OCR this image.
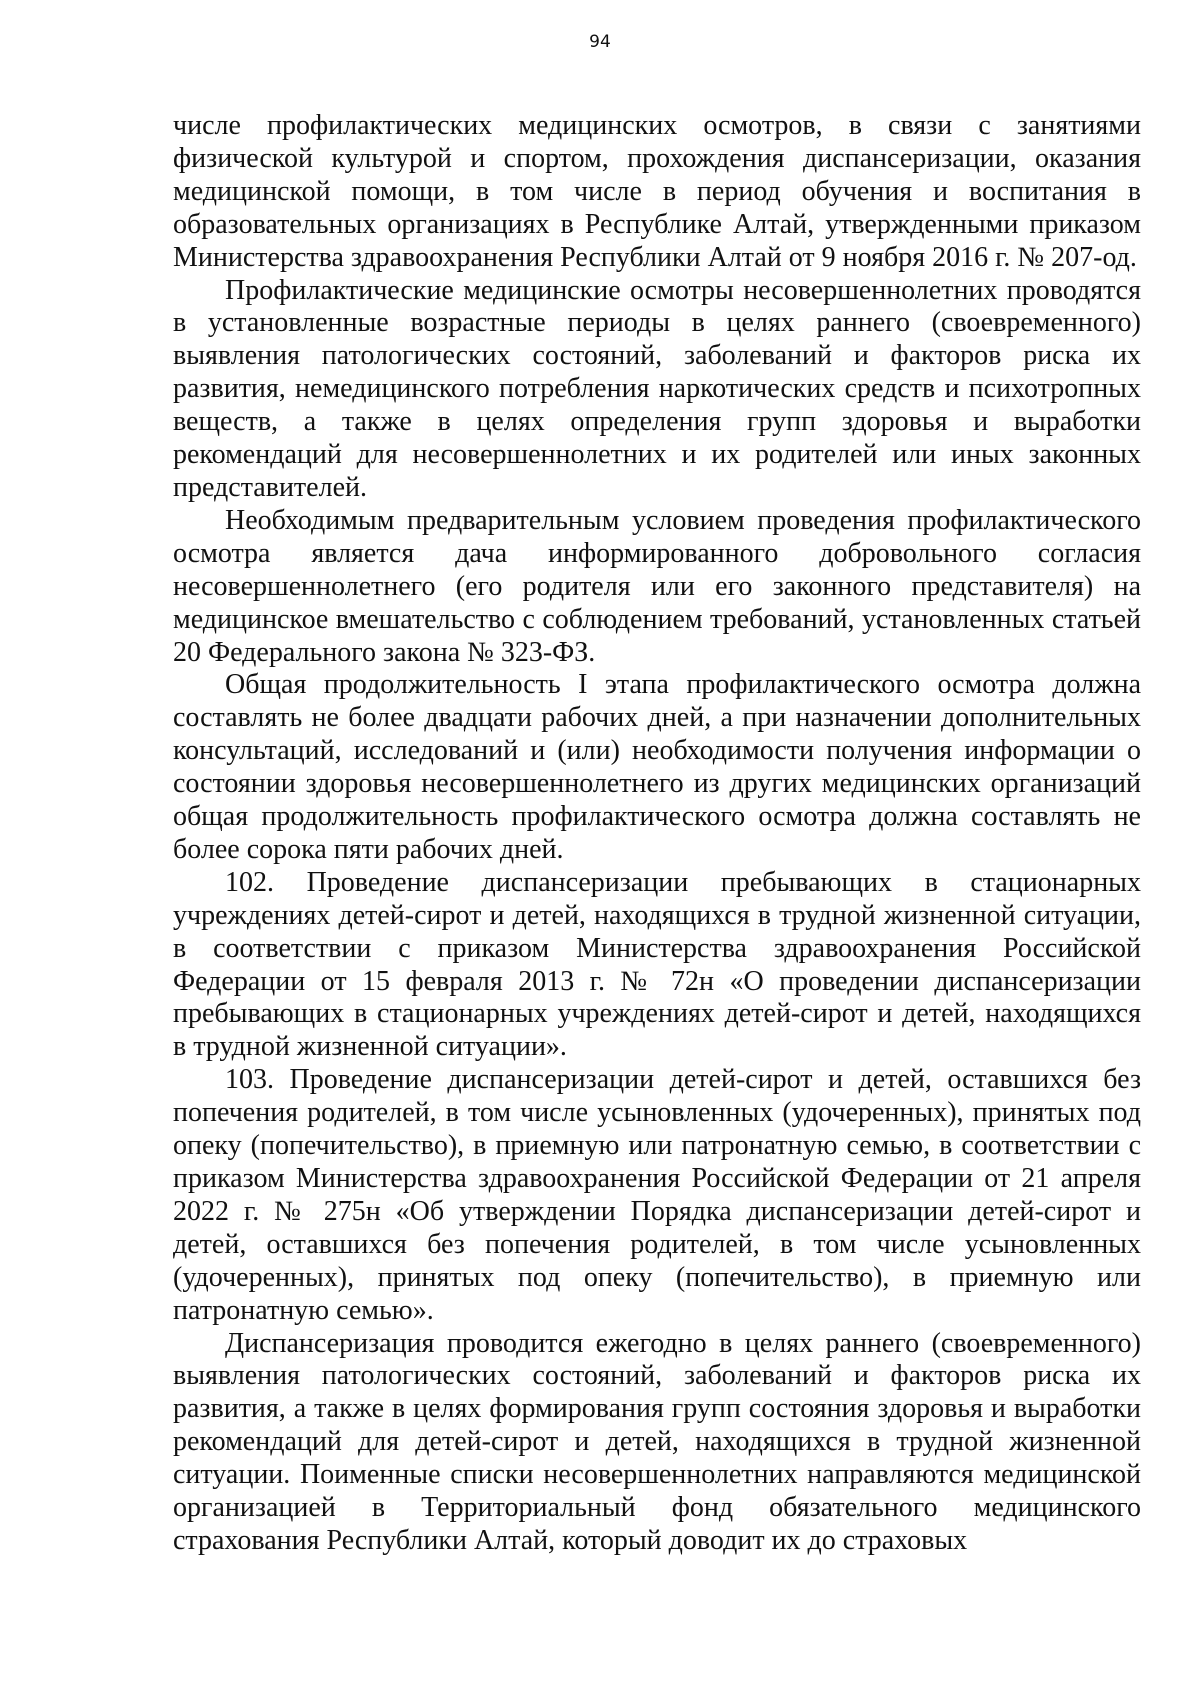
94

числе профилактических медицинских осмотров, в связи с занятиями физической культурой и спортом, прохождения диспансеризации, оказания медицинской помощи, в том числе в период обучения и воспитания в образовательных организациях в Республике Алтай, утвержденными приказом Министерства здравоохранения Республики Алтай от 9 ноября 2016 г. № 207-од.

Профилактические медицинские осмотры несовершеннолетних проводятся в установленные возрастные периоды в целях раннего (своевременного) выявления патологических состояний, заболеваний и факторов риска их развития, немедицинского потребления наркотических средств и психотропных веществ, а также в целях определения групп здоровья и выработки рекомендаций для несовершеннолетних и их родителей или иных законных представителей.

Необходимым предварительным условием проведения профилактического осмотра является дача информированного добровольного согласия несовершеннолетнего (его родителя или его законного представителя) на медицинское вмешательство с соблюдением требований, установленных статьей 20 Федерального закона № 323-ФЗ.

Общая продолжительность I этапа профилактического осмотра должна составлять не более двадцати рабочих дней, а при назначении дополнительных консультаций, исследований и (или) необходимости получения информации о состоянии здоровья несовершеннолетнего из других медицинских организаций общая продолжительность профилактического осмотра должна составлять не более сорока пяти рабочих дней.

102. Проведение диспансеризации пребывающих в стационарных учреждениях детей-сирот и детей, находящихся в трудной жизненной ситуации, в соответствии с приказом Министерства здравоохранения Российской Федерации от 15 февраля 2013 г. № 72н «О проведении диспансеризации пребывающих в стационарных учреждениях детей-сирот и детей, находящихся в трудной жизненной ситуации».

103. Проведение диспансеризации детей-сирот и детей, оставшихся без попечения родителей, в том числе усыновленных (удочеренных), принятых под опеку (попечительство), в приемную или патронатную семью, в соответствии с приказом Министерства здравоохранения Российской Федерации от 21 апреля 2022 г. № 275н «Об утверждении Порядка диспансеризации детей-сирот и детей, оставшихся без попечения родителей, в том числе усыновленных (удочеренных), принятых под опеку (попечительство), в приемную или патронатную семью».

Диспансеризация проводится ежегодно в целях раннего (своевременного) выявления патологических состояний, заболеваний и факторов риска их развития, а также в целях формирования групп состояния здоровья и выработки рекомендаций для детей-сирот и детей, находящихся в трудной жизненной ситуации. Поименные списки несовершеннолетних направляются медицинской организацией в Территориальный фонд обязательного медицинского страхования Республики Алтай, который доводит их до страховых
